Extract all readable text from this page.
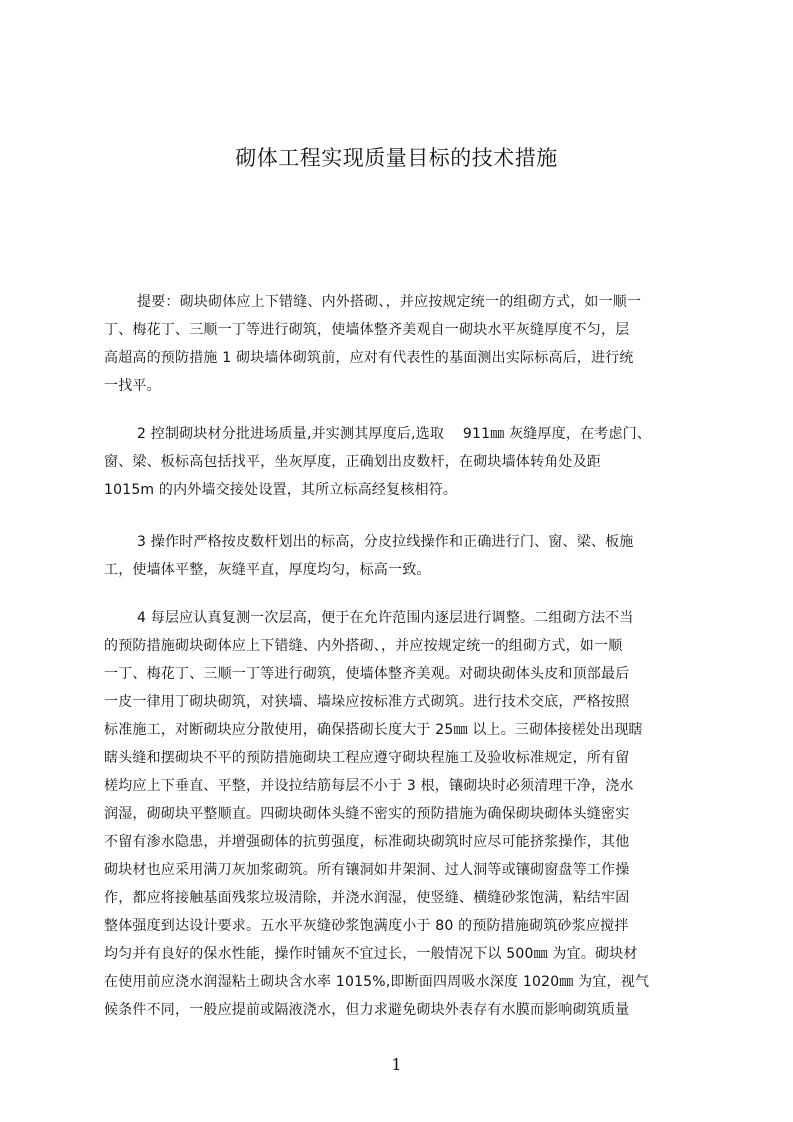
砌体工程实现质量目标的技术措施
提要：砌块砌体应上下错缝、内外搭砌、，并应按规定统一的组砌方式，如一顺一
丁、梅花丁、三顺一丁等进行砌筑，使墙体整齐美观自一砌块水平灰缝厚度不匀，层
高超高的预防措施 1 砌块墙体砌筑前，应对有代表性的基面测出实际标高后，进行统
一找平。
2 控制砌块材分批进场质量,并实测其厚度后,选取　 911㎜ 灰缝厚度，在考虑门、
窗、梁、板标高包括找平，坐灰厚度，正确划出皮数杆，在砌块墙体转角处及距
1015m 的内外墙交接处设置，其所立标高经复核相符。
3 操作时严格按皮数杆划出的标高，分皮拉线操作和正确进行门、窗、梁、板施
工，使墙体平整，灰缝平直，厚度均匀，标高一致。
4 每层应认真复测一次层高，便于在允许范围内逐层进行调整。二组砌方法不当
的预防措施砌块砌体应上下错缝、内外搭砌、，并应按规定统一的组砌方式，如一顺
一丁、梅花丁、三顺一丁等进行砌筑，使墙体整齐美观。对砌块砌体头皮和顶部最后
一皮一律用丁砌块砌筑，对狭墙、墙垛应按标准方式砌筑。进行技术交底，严格按照
标准施工，对断砌块应分散使用，确保搭砌长度大于 25㎜ 以上。三砌体接槎处出现瞎
瞎头缝和摆砌块不平的预防措施砌块工程应遵守砌块程施工及验收标准规定，所有留
槎均应上下垂直、平整，并设拉结筋每层不小于 3 根，镶砌块时必须清理干净，浇水
润湿，砌砌块平整顺直。四砌块砌体头缝不密实的预防措施为确保砌块砌体头缝密实
不留有渗水隐患，并增强砌体的抗剪强度，标准砌块砌筑时应尽可能挤浆操作，其他
砌块材也应采用满刀灰加浆砌筑。所有镶洞如井架洞、过人洞等或镶砌窗盘等工作操
作，都应将接触基面残浆垃圾清除，并浇水润湿，使竖缝、横缝砂浆饱满，粘结牢固
整体强度到达设计要求。五水平灰缝砂浆饱满度小于 80 的预防措施砌筑砂浆应搅拌
均匀并有良好的保水性能，操作时铺灰不宜过长，一般情况下以 500㎜ 为宜。砌块材
在使用前应浇水润湿粘土砌块含水率 1015%,即断面四周吸水深度 1020㎜ 为宜，视气
候条件不同，一般应提前或隔液浇水，但力求避免砌块外表存有水膜而影响砌筑质量
1
